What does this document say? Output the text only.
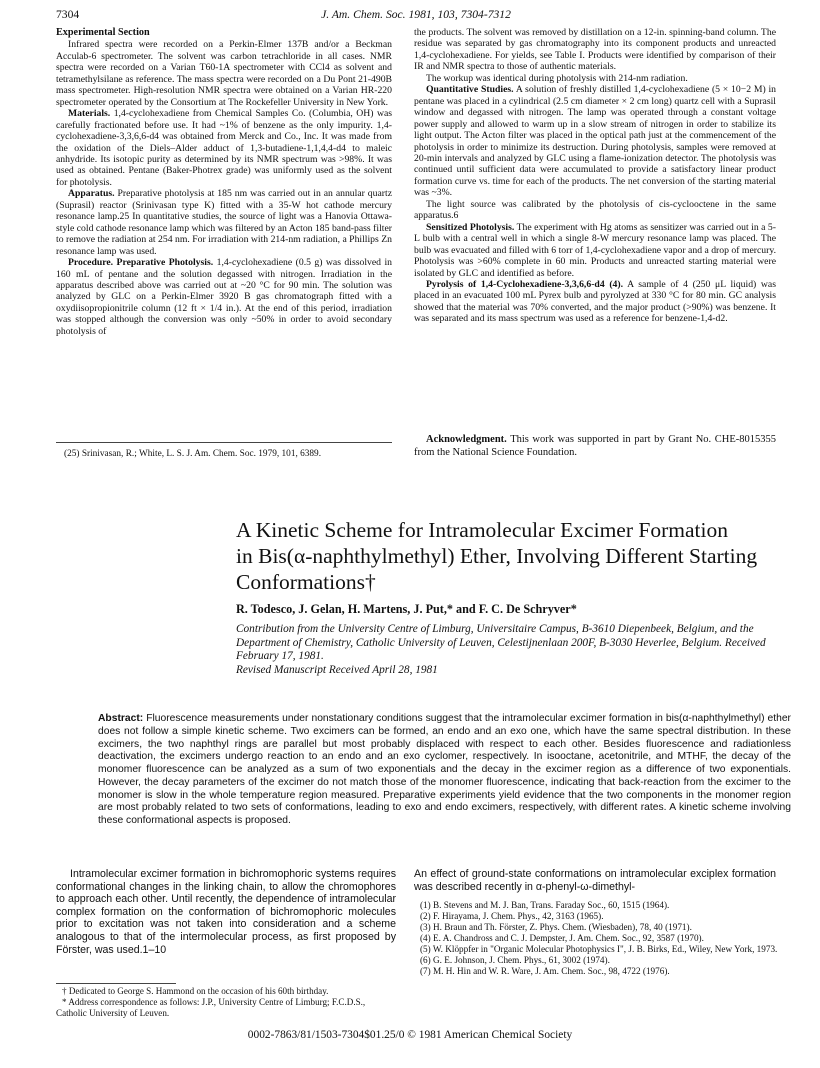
7304	J. Am. Chem. Soc. 1981, 103, 7304-7312
Experimental Section

Infrared spectra were recorded on a Perkin-Elmer 137B and/or a Beckman Acculab-6 spectrometer. The solvent was carbon tetrachloride in all cases. NMR spectra were recorded on a Varian T60-1A spectrometer with CCl4 as solvent and tetramethylsilane as reference. The mass spectra were recorded on a Du Pont 21-490B mass spectrometer. High-resolution NMR spectra were obtained on a Varian HR-220 spectrometer operated by the Consortium at The Rockefeller University in New York.

Materials. 1,4-cyclohexadiene from Chemical Samples Co. (Columbia, OH) was carefully fractionated before use. It had ~1% of benzene as the only impurity. 1,4-cyclohexadiene-3,3,6,6-d4 was obtained from Merck and Co., Inc. It was made from the oxidation of the Diels–Alder adduct of 1,3-butadiene-1,1,4,4-d4 to maleic anhydride. Its isotopic purity as determined by its NMR spectrum was >98%. It was used as obtained. Pentane (Baker-Photrex grade) was uniformly used as the solvent for photolysis.

Apparatus. Preparative photolysis at 185 nm was carried out in an annular quartz (Suprasil) reactor (Srinivasan type K) fitted with a 35-W hot cathode mercury resonance lamp.25 In quantitative studies, the source of light was a Hanovia Ottawa-style cold cathode resonance lamp which was filtered by an Acton 185 band-pass filter to remove the radiation at 254 nm. For irradiation with 214-nm radiation, a Phillips Zn resonance lamp was used.

Procedure. Preparative Photolysis. 1,4-cyclohexadiene (0.5 g) was dissolved in 160 mL of pentane and the solution degassed with nitrogen. Irradiation in the apparatus described above was carried out at ~20 °C for 90 min. The solution was analyzed by GLC on a Perkin-Elmer 3920 B gas chromatograph fitted with a oxydiisopropionitrile column (12 ft × 1/4 in.). At the end of this period, irradiation was stopped although the conversion was only ~50% in order to avoid secondary photolysis of

(25) Srinivasan, R.; White, L. S. J. Am. Chem. Soc. 1979, 101, 6389.

the products. The solvent was removed by distillation on a 12-in. spinning-band column. The residue was separated by gas chromatography into its component products and unreacted 1,4-cyclohexadiene. For yields, see Table I. Products were identified by comparison of their IR and NMR spectra to those of authentic materials.

The workup was identical during photolysis with 214-nm radiation.

Quantitative Studies. A solution of freshly distilled 1,4-cyclohexadiene (5 × 10−2 M) in pentane was placed in a cylindrical (2.5 cm diameter × 2 cm long) quartz cell with a Suprasil window and degassed with nitrogen. The lamp was operated through a constant voltage power supply and allowed to warm up in a slow stream of nitrogen in order to stabilize its light output. The Acton filter was placed in the optical path just at the commencement of the photolysis in order to minimize its destruction. During photolysis, samples were removed at 20-min intervals and analyzed by GLC using a flame-ionization detector. The photolysis was continued until sufficient data were accumulated to provide a satisfactory linear product formation curve vs. time for each of the products. The net conversion of the starting material was ~3%.

The light source was calibrated by the photolysis of cis-cyclooctene in the same apparatus.6

Sensitized Photolysis. The experiment with Hg atoms as sensitizer was carried out in a 5-L bulb with a central well in which a single 8-W mercury resonance lamp was placed. The bulb was evacuated and filled with 6 torr of 1,4-cyclohexadiene vapor and a drop of mercury. Photolysis was >60% complete in 60 min. Products and unreacted starting material were isolated by GLC and identified as before.

Pyrolysis of 1,4-Cyclohexadiene-3,3,6,6-d4 (4). A sample of 4 (250 μL liquid) was placed in an evacuated 100 mL Pyrex bulb and pyrolyzed at 330 °C for 80 min. GC analysis showed that the material was 70% converted, and the major product (>90%) was benzene. It was separated and its mass spectrum was used as a reference for benzene-1,4-d2.

Acknowledgment. This work was supported in part by Grant No. CHE-8015355 from the National Science Foundation.
A Kinetic Scheme for Intramolecular Excimer Formation
in Bis(α-naphthylmethyl) Ether, Involving Different Starting
Conformations†
R. Todesco, J. Gelan, H. Martens, J. Put,* and F. C. De Schryver*
Contribution from the University Centre of Limburg, Universitaire Campus, B-3610 Diepenbeek, Belgium, and the Department of Chemistry, Catholic University of Leuven, Celestijnenlaan 200F, B-3030 Heverlee, Belgium. Received February 17, 1981.
Revised Manuscript Received April 28, 1981
Abstract: Fluorescence measurements under nonstationary conditions suggest that the intramolecular excimer formation in bis(α-naphthylmethyl) ether does not follow a simple kinetic scheme. Two excimers can be formed, an endo and an exo one, which have the same spectral distribution. In these excimers, the two naphthyl rings are parallel but most probably displaced with respect to each other. Besides fluorescence and radiationless deactivation, the excimers undergo reaction to an endo and an exo cyclomer, respectively. In isooctane, acetonitrile, and MTHF, the decay of the monomer fluorescence can be analyzed as a sum of two exponentials and the decay in the excimer region as a difference of two exponentials. However, the decay parameters of the excimer do not match those of the monomer fluorescence, indicating that back-reaction from the excimer to the monomer is slow in the whole temperature region measured. Preparative experiments yield evidence that the two components in the monomer region are most probably related to two sets of conformations, leading to exo and endo excimers, respectively, with different rates. A kinetic scheme involving these conformational aspects is proposed.
Intramolecular excimer formation in bichromophoric systems requires conformational changes in the linking chain, to allow the chromophores to approach each other. Until recently, the dependence of intramolecular complex formation on the conformation of bichromophoric molecules prior to excitation was not taken into consideration and a scheme analogous to that of the intermolecular process, as first proposed by Förster, was used.1–10
An effect of ground-state conformations on intramolecular exciplex formation was described recently in α-phenyl-ω-dimethyl-
† Dedicated to George S. Hammond on the occasion of his 60th birthday.
* Address correspondence as follows: J.P., University Centre of Limburg; F.C.D.S., Catholic University of Leuven.
(1) B. Stevens and M. J. Ban, Trans. Faraday Soc., 60, 1515 (1964).
(2) F. Hirayama, J. Chem. Phys., 42, 3163 (1965).
(3) H. Braun and Th. Förster, Z. Phys. Chem. (Wiesbaden), 78, 40 (1971).
(4) E. A. Chandross and C. J. Dempster, J. Am. Chem. Soc., 92, 3587 (1970).
(5) W. Klöppfer in "Organic Molecular Photophysics I", J. B. Birks, Ed., Wiley, New York, 1973.
(6) G. E. Johnson, J. Chem. Phys., 61, 3002 (1974).
(7) M. H. Hin and W. R. Ware, J. Am. Chem. Soc., 98, 4722 (1976).
0002-7863/81/1503-7304$01.25/0 © 1981 American Chemical Society
